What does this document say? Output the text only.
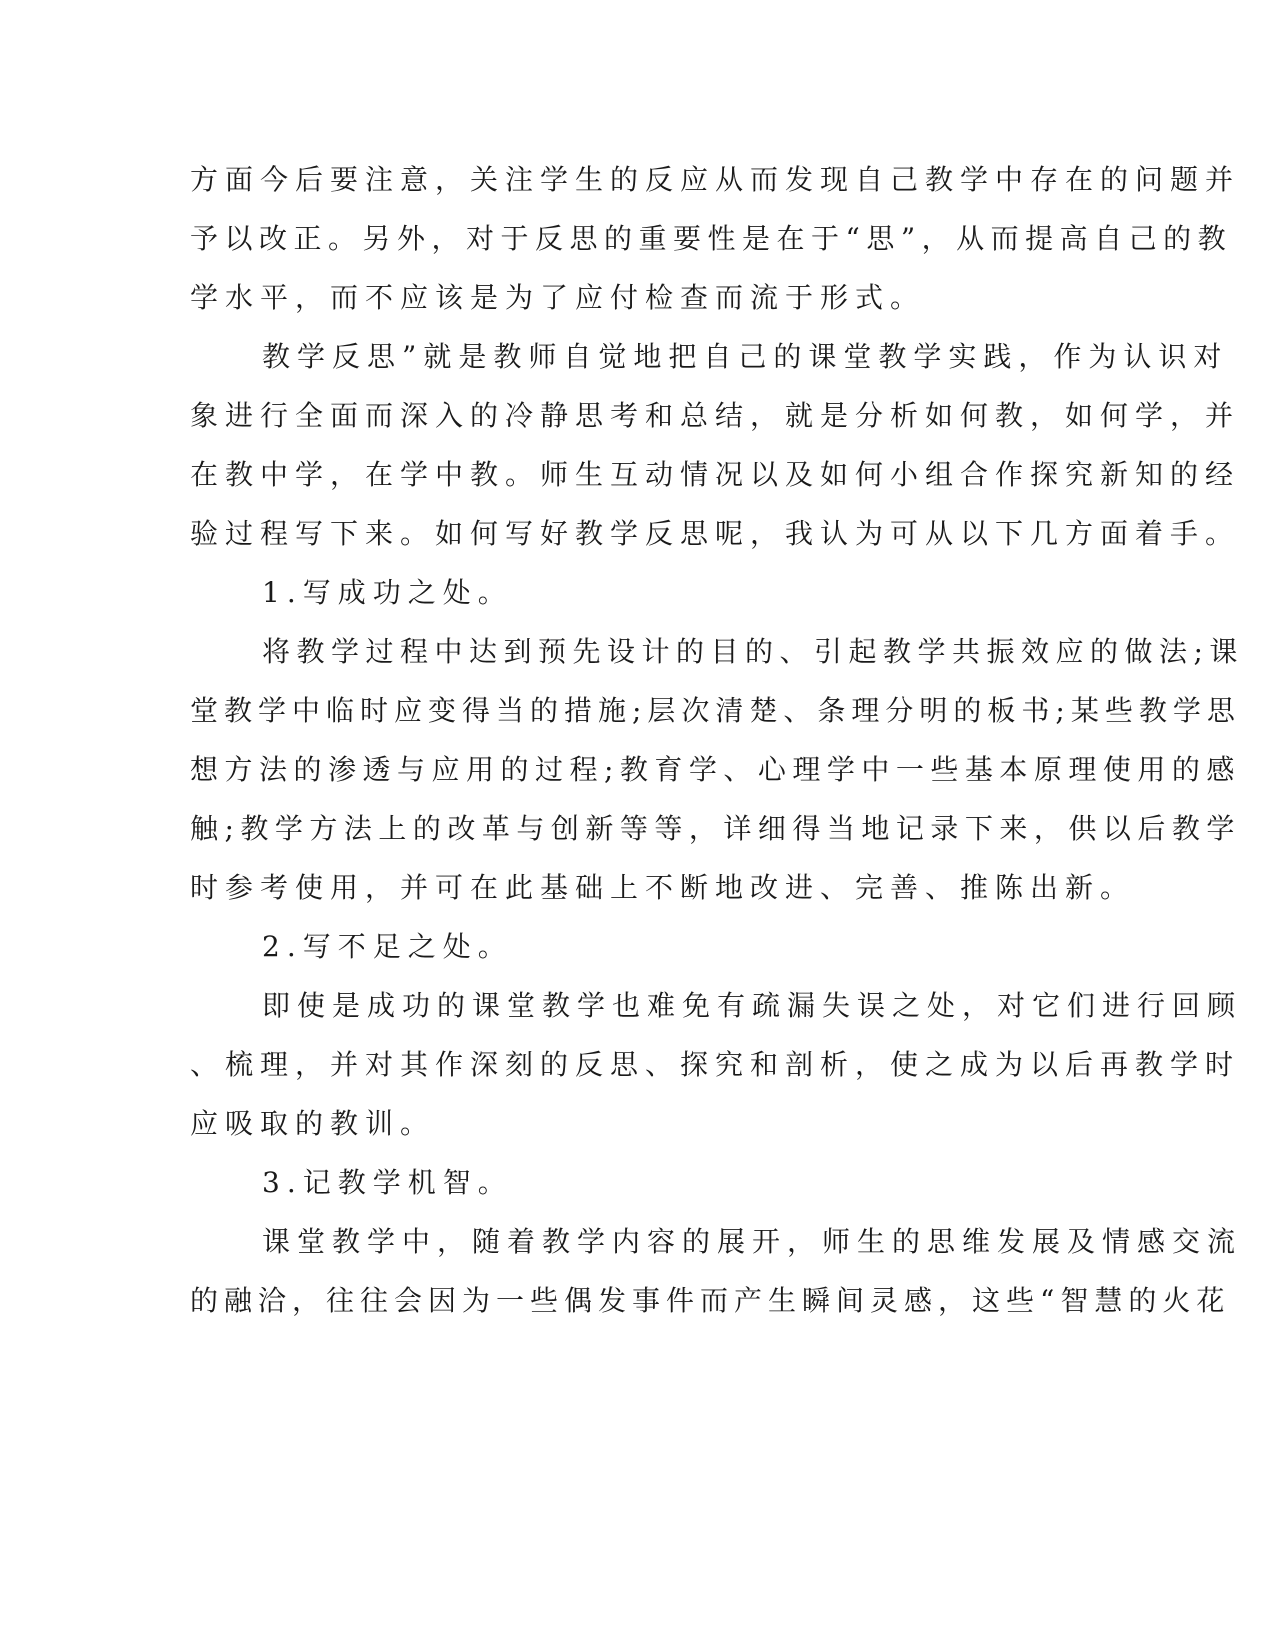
方面今后要注意，关注学生的反应从而发现自己教学中存在的问题并

予以改正。另外，对于反思的重要性是在于“思”，从而提高自己的教

学水平，而不应该是为了应付检查而流于形式。

教学反思”就是教师自觉地把自己的课堂教学实践，作为认识对

象进行全面而深入的冷静思考和总结，就是分析如何教，如何学，并

在教中学，在学中教。师生互动情况以及如何小组合作探究新知的经

验过程写下来。如何写好教学反思呢，我认为可从以下几方面着手。

1.写成功之处。

将教学过程中达到预先设计的目的、引起教学共振效应的做法;课

堂教学中临时应变得当的措施;层次清楚、条理分明的板书;某些教学思

想方法的渗透与应用的过程;教育学、心理学中一些基本原理使用的感

触;教学方法上的改革与创新等等，详细得当地记录下来，供以后教学

时参考使用，并可在此基础上不断地改进、完善、推陈出新。

2.写不足之处。

即使是成功的课堂教学也难免有疏漏失误之处，对它们进行回顾

、梳理，并对其作深刻的反思、探究和剖析，使之成为以后再教学时

应吸取的教训。

3.记教学机智。

课堂教学中，随着教学内容的展开，师生的思维发展及情感交流

的融洽，往往会因为一些偶发事件而产生瞬间灵感，这些“智慧的火花
